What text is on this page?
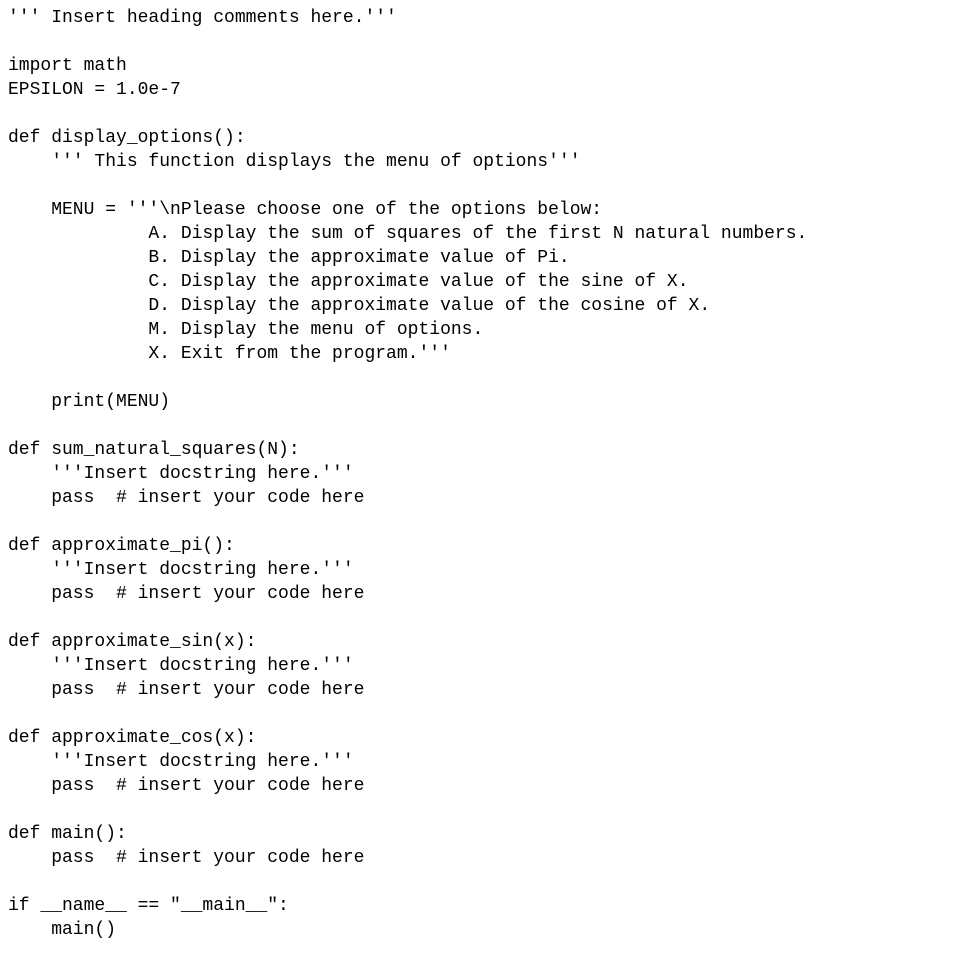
''' Insert heading comments here.'''
import math
EPSILON = 1.0e-7
def display_options():
''' This function displays the menu of options'''
MENU = '''\nPlease choose one of the options below:
A. Display the sum of squares of the first N natural numbers.
B. Display the approximate value of Pi.
C. Display the approximate value of the sine of X.
D. Display the approximate value of the cosine of X.
M. Display the menu of options.
X. Exit from the program.'''
print(MENU)
def sum_natural_squares(N):
'''Insert docstring here.'''
pass  # insert your code here
def approximate_pi():
'''Insert docstring here.'''
pass  # insert your code here
def approximate_sin(x):
'''Insert docstring here.'''
pass  # insert your code here
def approximate_cos(x):
'''Insert docstring here.'''
pass  # insert your code here
def main():
pass  # insert your code here
if __name__ == "__main__":
main()
